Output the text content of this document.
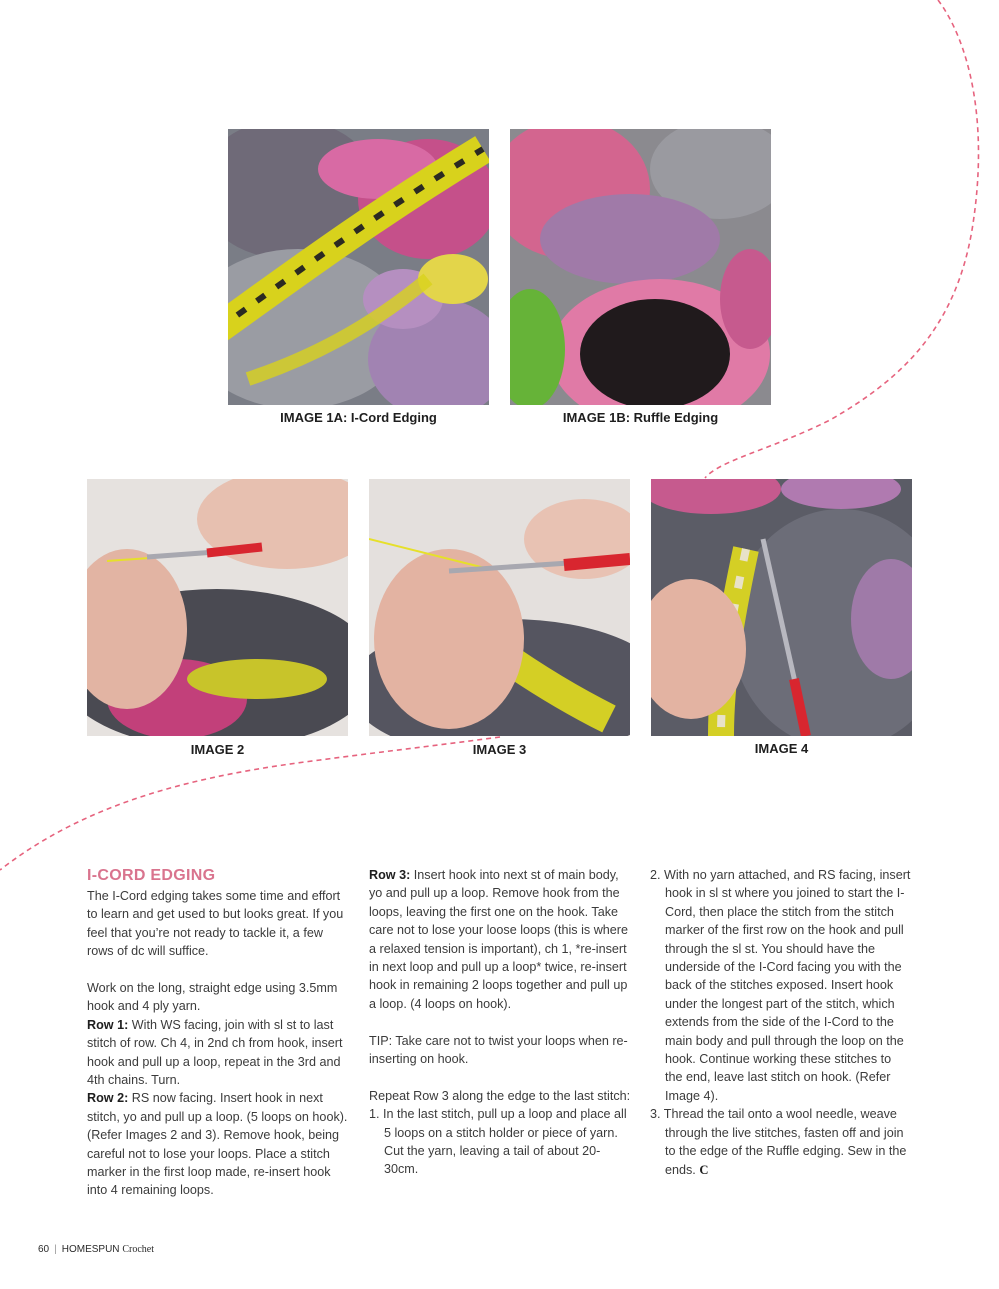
IMAGE 1A: I-Cord Edging	IMAGE 1B: Ruffle Edging
IMAGE 2	IMAGE 3	IMAGE 4

I-CORD EDGING

The I-Cord edging takes some time and effort to learn and get used to but looks great. If you feel that you’re not ready to tackle it, a few rows of dc will suffice.

Work on the long, straight edge using 3.5mm hook and 4 ply yarn.

Row 1: With WS facing, join with sl st to last stitch of row. Ch 4, in 2nd ch from hook, insert hook and pull up a loop, repeat in the 3rd and 4th chains. Turn.

Row 2: RS now facing. Insert hook in next stitch, yo and pull up a loop. (5 loops on hook). (Refer Images 2 and 3). Remove hook, being careful not to lose your loops. Place a stitch marker in the first loop made, re-insert hook into 4 remaining loops.

Row 3: Insert hook into next st of main body, yo and pull up a loop. Remove hook from the loops, leaving the first one on the hook. Take care not to lose your loose loops (this is where a relaxed tension is important), ch 1, *re-insert in next loop and pull up a loop* twice, re-insert hook in remaining 2 loops together and pull up a loop. (4 loops on hook).

TIP: Take care not to twist your loops when re-inserting on hook.

Repeat Row 3 along the edge to the last stitch:

1. In the last stitch, pull up a loop and place all 5 loops on a stitch holder or piece of yarn. Cut the yarn, leaving a tail of about 20-30cm.

2. With no yarn attached, and RS facing, insert hook in sl st where you joined to start the I-Cord, then place the stitch from the stitch marker of the first row on the hook and pull through the sl st. You should have the underside of the I-Cord facing you with the back of the stitches exposed. Insert hook under the longest part of the stitch, which extends from the side of the I-Cord to the main body and pull through the loop on the hook. Continue working these stitches to the end, leave last stitch on hook. (Refer Image 4).

3. Thread the tail onto a wool needle, weave through the live stitches, fasten off and join to the edge of the Ruffle edging. Sew in the ends. C

60 | HOMESPUN Crochet
